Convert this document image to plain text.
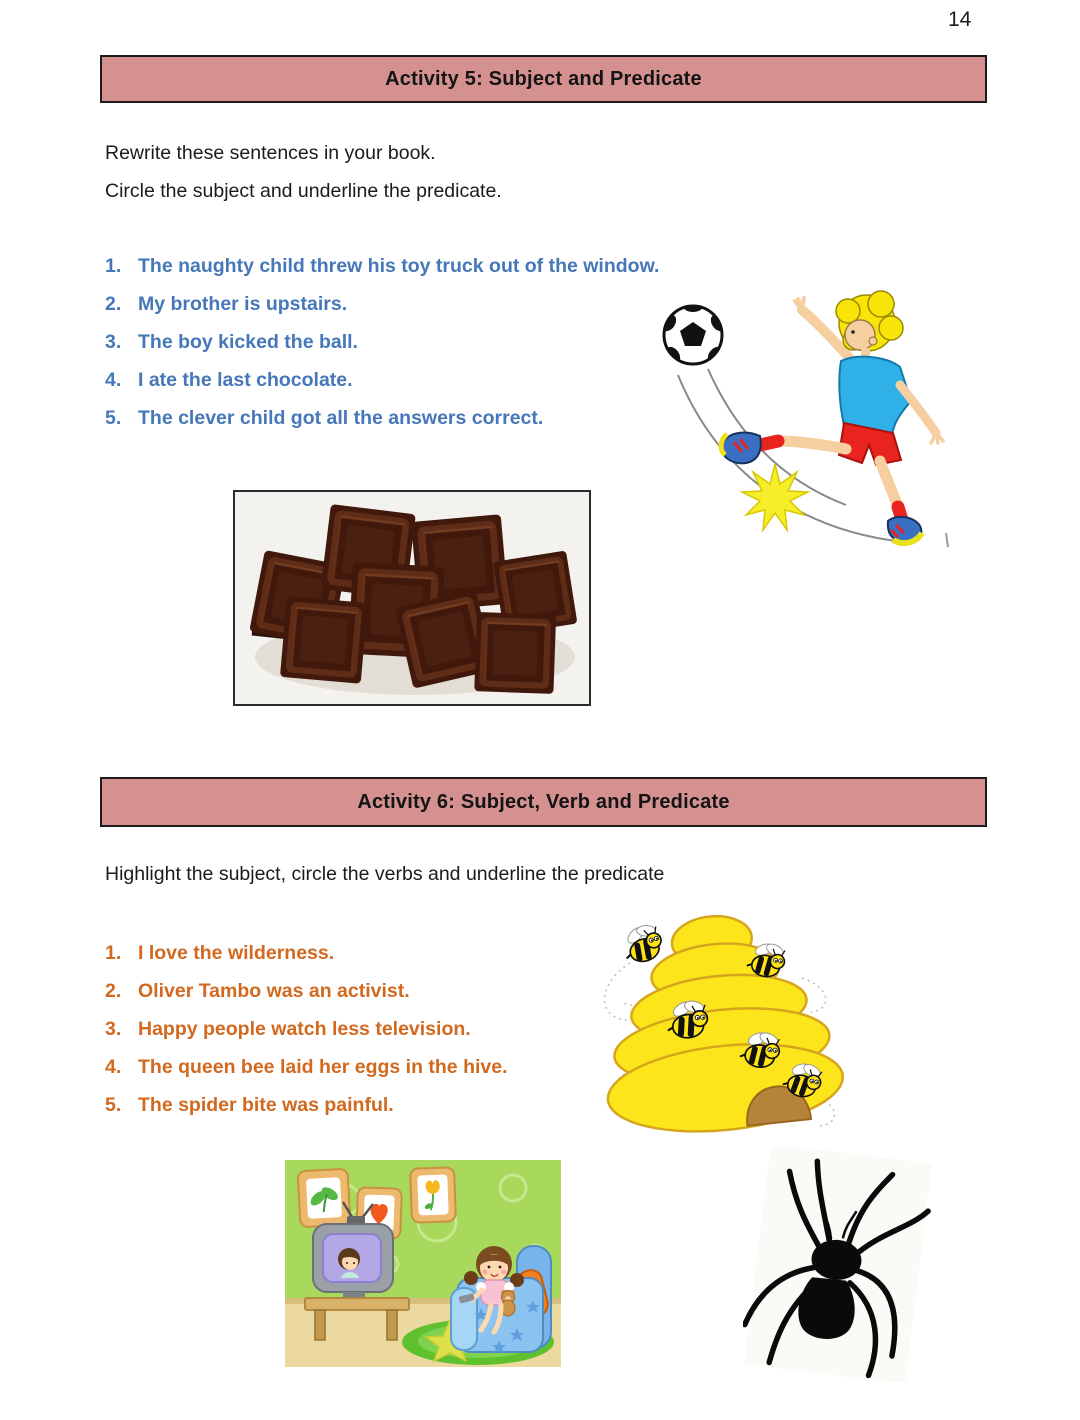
14
Activity 5: Subject and Predicate
Rewrite these sentences in your book.
Circle the subject and underline the predicate.
1. The naughty child threw his toy truck out of the window.
2. My brother is upstairs.
3. The boy kicked the ball.
4. I ate the last chocolate.
5. The clever child got all the answers correct.
Activity 6: Subject, Verb and Predicate
Highlight the subject, circle the verbs and underline the predicate
1. I love the wilderness.
2. Oliver Tambo was an activist.
3. Happy people watch less television.
4. The queen bee laid her eggs in the hive.
5. The spider bite was painful.
